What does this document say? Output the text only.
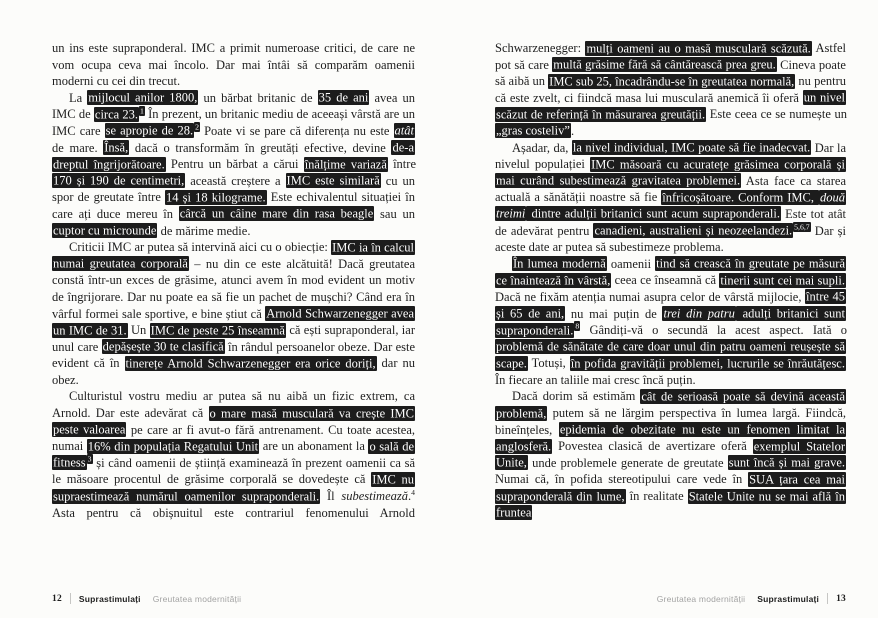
un ins este supraponderal. IMC a primit numeroase critici, de care ne vom ocupa ceva mai încolo. Dar mai întâi să comparăm oamenii moderni cu cei din trecut.

La mijlocul anilor 1800, un bărbat britanic de 35 de ani avea un IMC de circa 23. $^1$ În prezent, un britanic mediu de aceeași vârstă are un IMC care se apropie de 28. $^2$ Poate vi se pare că diferența nu este atât de mare. Însă, dacă o transformăm în greutăți efective, devine de-a dreptul îngrijorătoare. Pentru un bărbat a cărui înălțime variază între 170 și 190 de centimetri, această creștere a IMC este similară cu un spor de greutate între 14 și 18 kilograme. Este echivalentul situației în care ați duce mereu în cârcă un câine mare din rasa beagle sau un cuptor cu microunde de mărime medie.

Criticii IMC ar putea să intervină aici cu o obiecție: IMC ia în calcul numai greutatea corporală – nu din ce este alcătuită! Dacă greutatea constă într-un exces de grăsime, atunci avem în mod evident un motiv de îngrijorare. Dar nu poate ea să fie un pachet de mușchi? Când era în vârful formei sale sportive, e bine știut că Arnold Schwarzenegger avea un IMC de 31. Un IMC de peste 25 înseamnă că ești supraponderal, iar unul care depășește 30 te clasifică în rândul persoanelor obeze. Dar este evident că în tinerețe Arnold Schwarzenegger era orice doriți, dar nu obez.

Culturistul vostru mediu ar putea să nu aibă un fizic extrem, ca Arnold. Dar este adevărat că o mare masă musculară va crește IMC peste valoarea pe care ar fi avut-o fără antrenament. Cu toate acestea, numai 16% din populația Regatului Unit are un abonament la o sală de fitness $^3$ și când oamenii de știință examinează în prezent oamenii ca să le măsoare procentul de grăsime corporală se dovedește că IMC nu supraestimează numărul oamenilor supraponderali. Îl subestimează.$^4$ Asta pentru că obișnuitul este contrariul fenomenului Arnold

12 Suprastimulați Greutatea modernității

Schwarzenegger: mulți oameni au o masă musculară scăzută. Astfel pot să care multă grăsime fără să cântărească prea greu. Cineva poate să aibă un IMC sub 25, încadrându-se în greutatea normală, nu pentru că este zvelt, ci fiindcă masa lui musculară anemică îi oferă un nivel scăzut de referință în măsurarea greutății. Este ceea ce se numește un „gras costeliv”.

Așadar, da, la nivel individual, IMC poate să fie inadecvat. Dar la nivelul populației IMC măsoară cu acuratețe grăsimea corporală și mai curând subestimează gravitatea problemei. Asta face ca starea actuală a sănătății noastre să fie înfricoșătoare. Conform IMC, două treimi dintre adulții britanici sunt acum supraponderali. Este tot atât de adevărat pentru canadieni, australieni și neozeelandezi. $^{5,6,7}$ Dar și aceste date ar putea să subestimeze problema.

În lumea modernă oamenii tind să crească în greutate pe măsură ce înaintează în vârstă, ceea ce înseamnă că tinerii sunt cei mai supli. Dacă ne fixăm atenția numai asupra celor de vârstă mijlocie, între 45 și 65 de ani, nu mai puțin de trei din patru adulți britanici sunt supraponderali. $^8$ Gândiți-vă o secundă la acest aspect. Iată o problemă de sănătate de care doar unul din patru oameni reușește să scape. Totuși, în pofida gravității problemei, lucrurile se înrăutățesc. În fiecare an taliile mai cresc încă puțin.

Dacă dorim să estimăm cât de serioasă poate să devină această problemă, putem să ne lărgim perspectiva în lumea largă. Fiindcă, bineînțeles, epidemia de obezitate nu este un fenomen limitat la anglosferă. Povestea clasică de avertizare oferă exemplul Statelor Unite, unde problemele generate de greutate sunt încă și mai grave. Numai că, în pofida stereotipului care vede în SUA țara cea mai supraponderală din lume, în realitate Statele Unite nu se mai află în fruntea

Greutatea modernității Suprastimulați 13
